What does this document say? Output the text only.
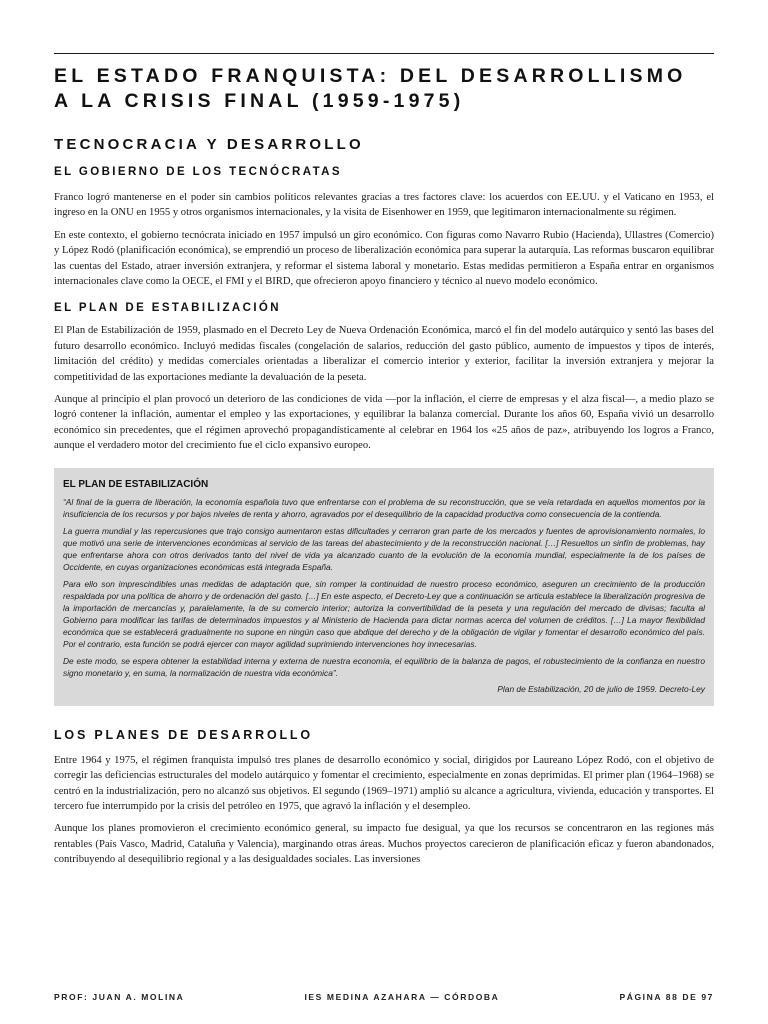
EL ESTADO FRANQUISTA: DEL DESARROLLISMO
A LA CRISIS FINAL (1959-1975)
TECNOCRACIA Y DESARROLLO
EL GOBIERNO DE LOS TECNÓCRATAS

Franco logró mantenerse en el poder sin cambios políticos relevantes gracias a tres factores clave: los acuerdos con EE.UU. y el Vaticano en 1953, el ingreso en la ONU en 1955 y otros organismos internacionales, y la visita de Eisenhower en 1959, que legitimaron internacionalmente su régimen.

En este contexto, el gobierno tecnócrata iniciado en 1957 impulsó un giro económico. Con figuras como Navarro Rubio (Hacienda), Ullastres (Comercio) y López Rodó (planificación económica), se emprendió un proceso de liberalización económica para superar la autarquía. Las reformas buscaron equilibrar las cuentas del Estado, atraer inversión extranjera, y reformar el sistema laboral y monetario. Estas medidas permitieron a España entrar en organismos internacionales clave como la OECE, el FMI y el BIRD, que ofrecieron apoyo financiero y técnico al nuevo modelo económico.

EL PLAN DE ESTABILIZACIÓN

El Plan de Estabilización de 1959, plasmado en el Decreto Ley de Nueva Ordenación Económica, marcó el fin del modelo autárquico y sentó las bases del futuro desarrollo económico. Incluyó medidas fiscales (congelación de salarios, reducción del gasto público, aumento de impuestos y tipos de interés, limitación del crédito) y medidas comerciales orientadas a liberalizar el comercio interior y exterior, facilitar la inversión extranjera y mejorar la competitividad de las exportaciones mediante la devaluación de la peseta.

Aunque al principio el plan provocó un deterioro de las condiciones de vida —por la inflación, el cierre de empresas y el alza fiscal—, a medio plazo se logró contener la inflación, aumentar el empleo y las exportaciones, y equilibrar la balanza comercial. Durante los años 60, España vivió un desarrollo económico sin precedentes, que el régimen aprovechó propagandísticamente al celebrar en 1964 los «25 años de paz», atribuyendo los logros a Franco, aunque el verdadero motor del crecimiento fue el ciclo expansivo europeo.

EL PLAN DE ESTABILIZACIÓN

“Al final de la guerra de liberación, la economía española tuvo que enfrentarse con el problema de su reconstrucción, que se veía retardada en aquellos momentos por la insuficiencia de los recursos y por bajos niveles de renta y ahorro, agravados por el desequilibrio de la capacidad productiva como consecuencia de la contienda.

La guerra mundial y las repercusiones que trajo consigo aumentaron estas dificultades y cerraron gran parte de los mercados y fuentes de aprovisionamiento normales, lo que motivó una serie de intervenciones económicas al servicio de las tareas del abastecimiento y de la reconstrucción nacional. […] Resueltos un sinfín de problemas, hay que enfrentarse ahora con otros derivados tanto del nivel de vida ya alcanzado cuanto de la evolución de la economía mundial, especialmente la de los países de Occidente, en cuyas organizaciones económicas está integrada España.

Para ello son imprescindibles unas medidas de adaptación que, sin romper la continuidad de nuestro proceso económico, aseguren un crecimiento de la producción respaldada por una política de ahorro y de ordenación del gasto. […] En este aspecto, el Decreto-Ley que a continuación se articula establece la liberalización progresiva de la importación de mercancías y, paralelamente, la de su comercio interior; autoriza la convertibilidad de la peseta y una regulación del mercado de divisas; faculta al Gobierno para modificar las tarifas de determinados impuestos y al Ministerio de Hacienda para dictar normas acerca del volumen de créditos. […] La mayor flexibilidad económica que se establecerá gradualmente no supone en ningún caso que abdique del derecho y de la obligación de vigilar y fomentar el desarrollo económico del país. Por el contrario, esta función se podrá ejercer con mayor agilidad suprimiendo intervenciones hoy innecesarias.

De este modo, se espera obtener la estabilidad interna y externa de nuestra economía, el equilibrio de la balanza de pagos, el robustecimiento de la confianza en nuestro signo monetario y, en suma, la normalización de nuestra vida económica”.

Plan de Estabilización, 20 de julio de 1959. Decreto-Ley

LOS PLANES DE DESARROLLO

Entre 1964 y 1975, el régimen franquista impulsó tres planes de desarrollo económico y social, dirigidos por Laureano López Rodó, con el objetivo de corregir las deficiencias estructurales del modelo autárquico y fomentar el crecimiento, especialmente en zonas deprimidas. El primer plan (1964–1968) se centró en la industrialización, pero no alcanzó sus objetivos. El segundo (1969–1971) amplió su alcance a agricultura, vivienda, educación y transportes. El tercero fue interrumpido por la crisis del petróleo en 1975, que agravó la inflación y el desempleo.

Aunque los planes promovieron el crecimiento económico general, su impacto fue desigual, ya que los recursos se concentraron en las regiones más rentables (País Vasco, Madrid, Cataluña y Valencia), marginando otras áreas. Muchos proyectos carecieron de planificación eficaz y fueron abandonados, contribuyendo al desequilibrio regional y a las desigualdades sociales. Las inversiones

PROF: JUAN A. MOLINA	IES MEDINA AZAHARA — CÓRDOBA	PÁGINA 88 DE 97
